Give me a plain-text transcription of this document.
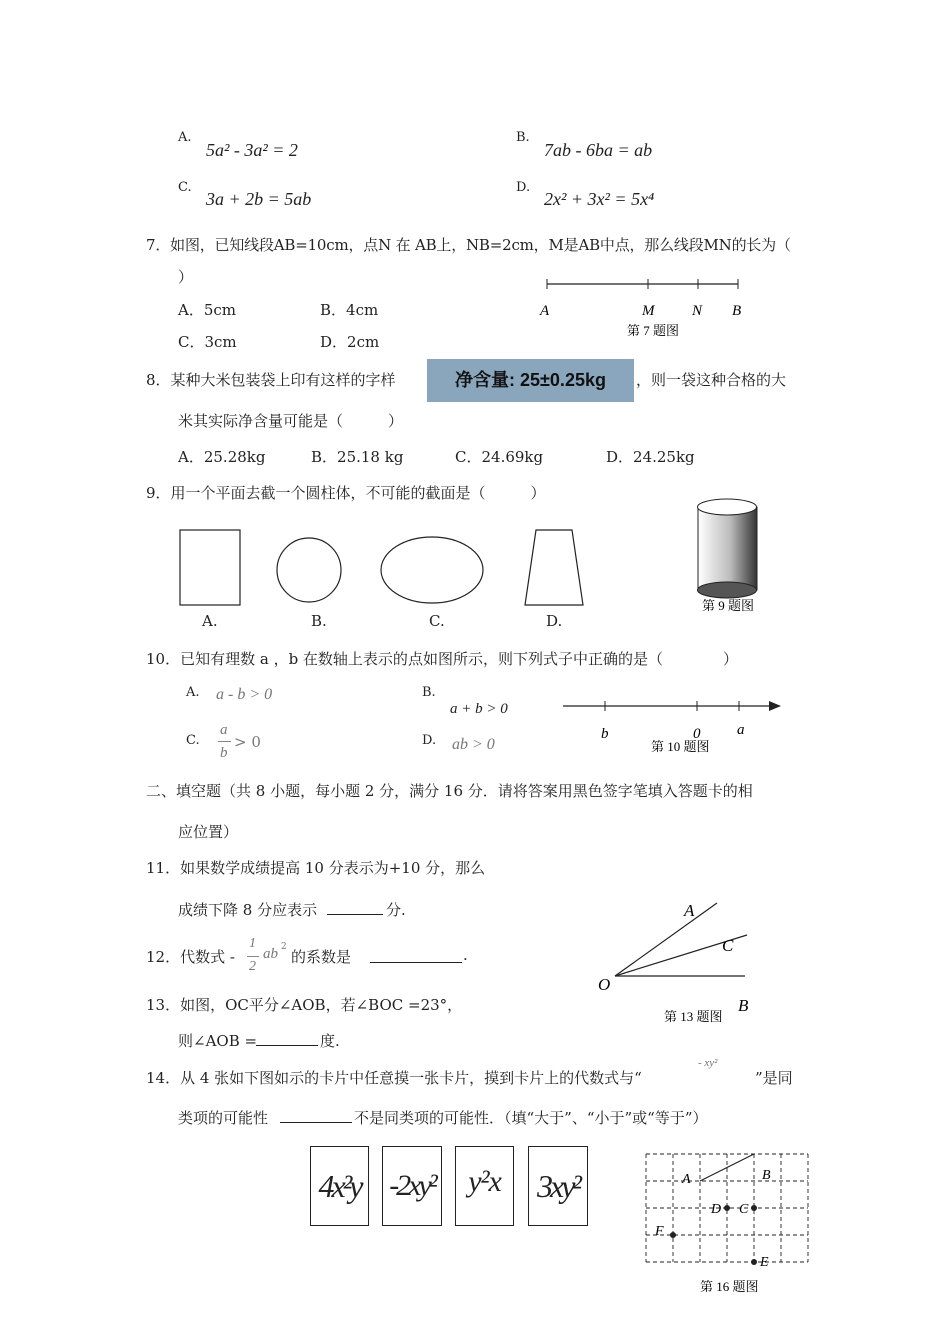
A.
5a² - 3a² = 2
B.
7ab - 6ba = ab
C.
3a + 2b = 5ab
D.
2x² + 3x² = 5x⁴
7．如图，已知线段AB=10cm，点N 在 AB上，NB=2cm，M是AB中点，那么线段MN的长为（
）
A．5cm	B．4cm
C．3cm	D．2cm
A	M	N B
第 7 题图
8．某种大米包装袋上印有这样的字样	净含量: 25±0.25kg	，则一袋这种合格的大
米其实际净含量可能是（　　　）
A．25.28kg	B．25.18 kg	C．24.69kg	D．24.25kg
9．用一个平面去截一个圆柱体，不可能的截面是（　　　）
第 9 题图
A.	B.	C.	D.
10．已知有理数 a ，b 在数轴上表示的点如图所示，则下列式子中正确的是（　　　　）
A. a - b > 0	B.
a + b > 0
C.
a
b
> 0	D. ab > 0
b	0 a
第 10 题图
二、填空题（共 8 小题，每小题 2 分，满分 16 分．请将答案用黑色签字笔填入答题卡的相
应位置）
11．如果数学成绩提高 10 分表示为+10 分，那么
成绩下降 8 分应表示	分.
12．代数式 -
1
2
ab 2
的系数是	.
13．如图，OC平分∠AOB，若∠BOC =23°，
则∠AOB =	度.
A
C
O
B
第 13 题图
14．从 4 张如下图如示的卡片中任意摸一张卡片，摸到卡片上的代数式与“
- xy²
”是同
类项的可能性	不是同类项的可能性．（填“大于”、“小于”或“等于”）
4x²y -2xy²	y²x	3xy²	A	B
D C
F
E
第 16 题图
